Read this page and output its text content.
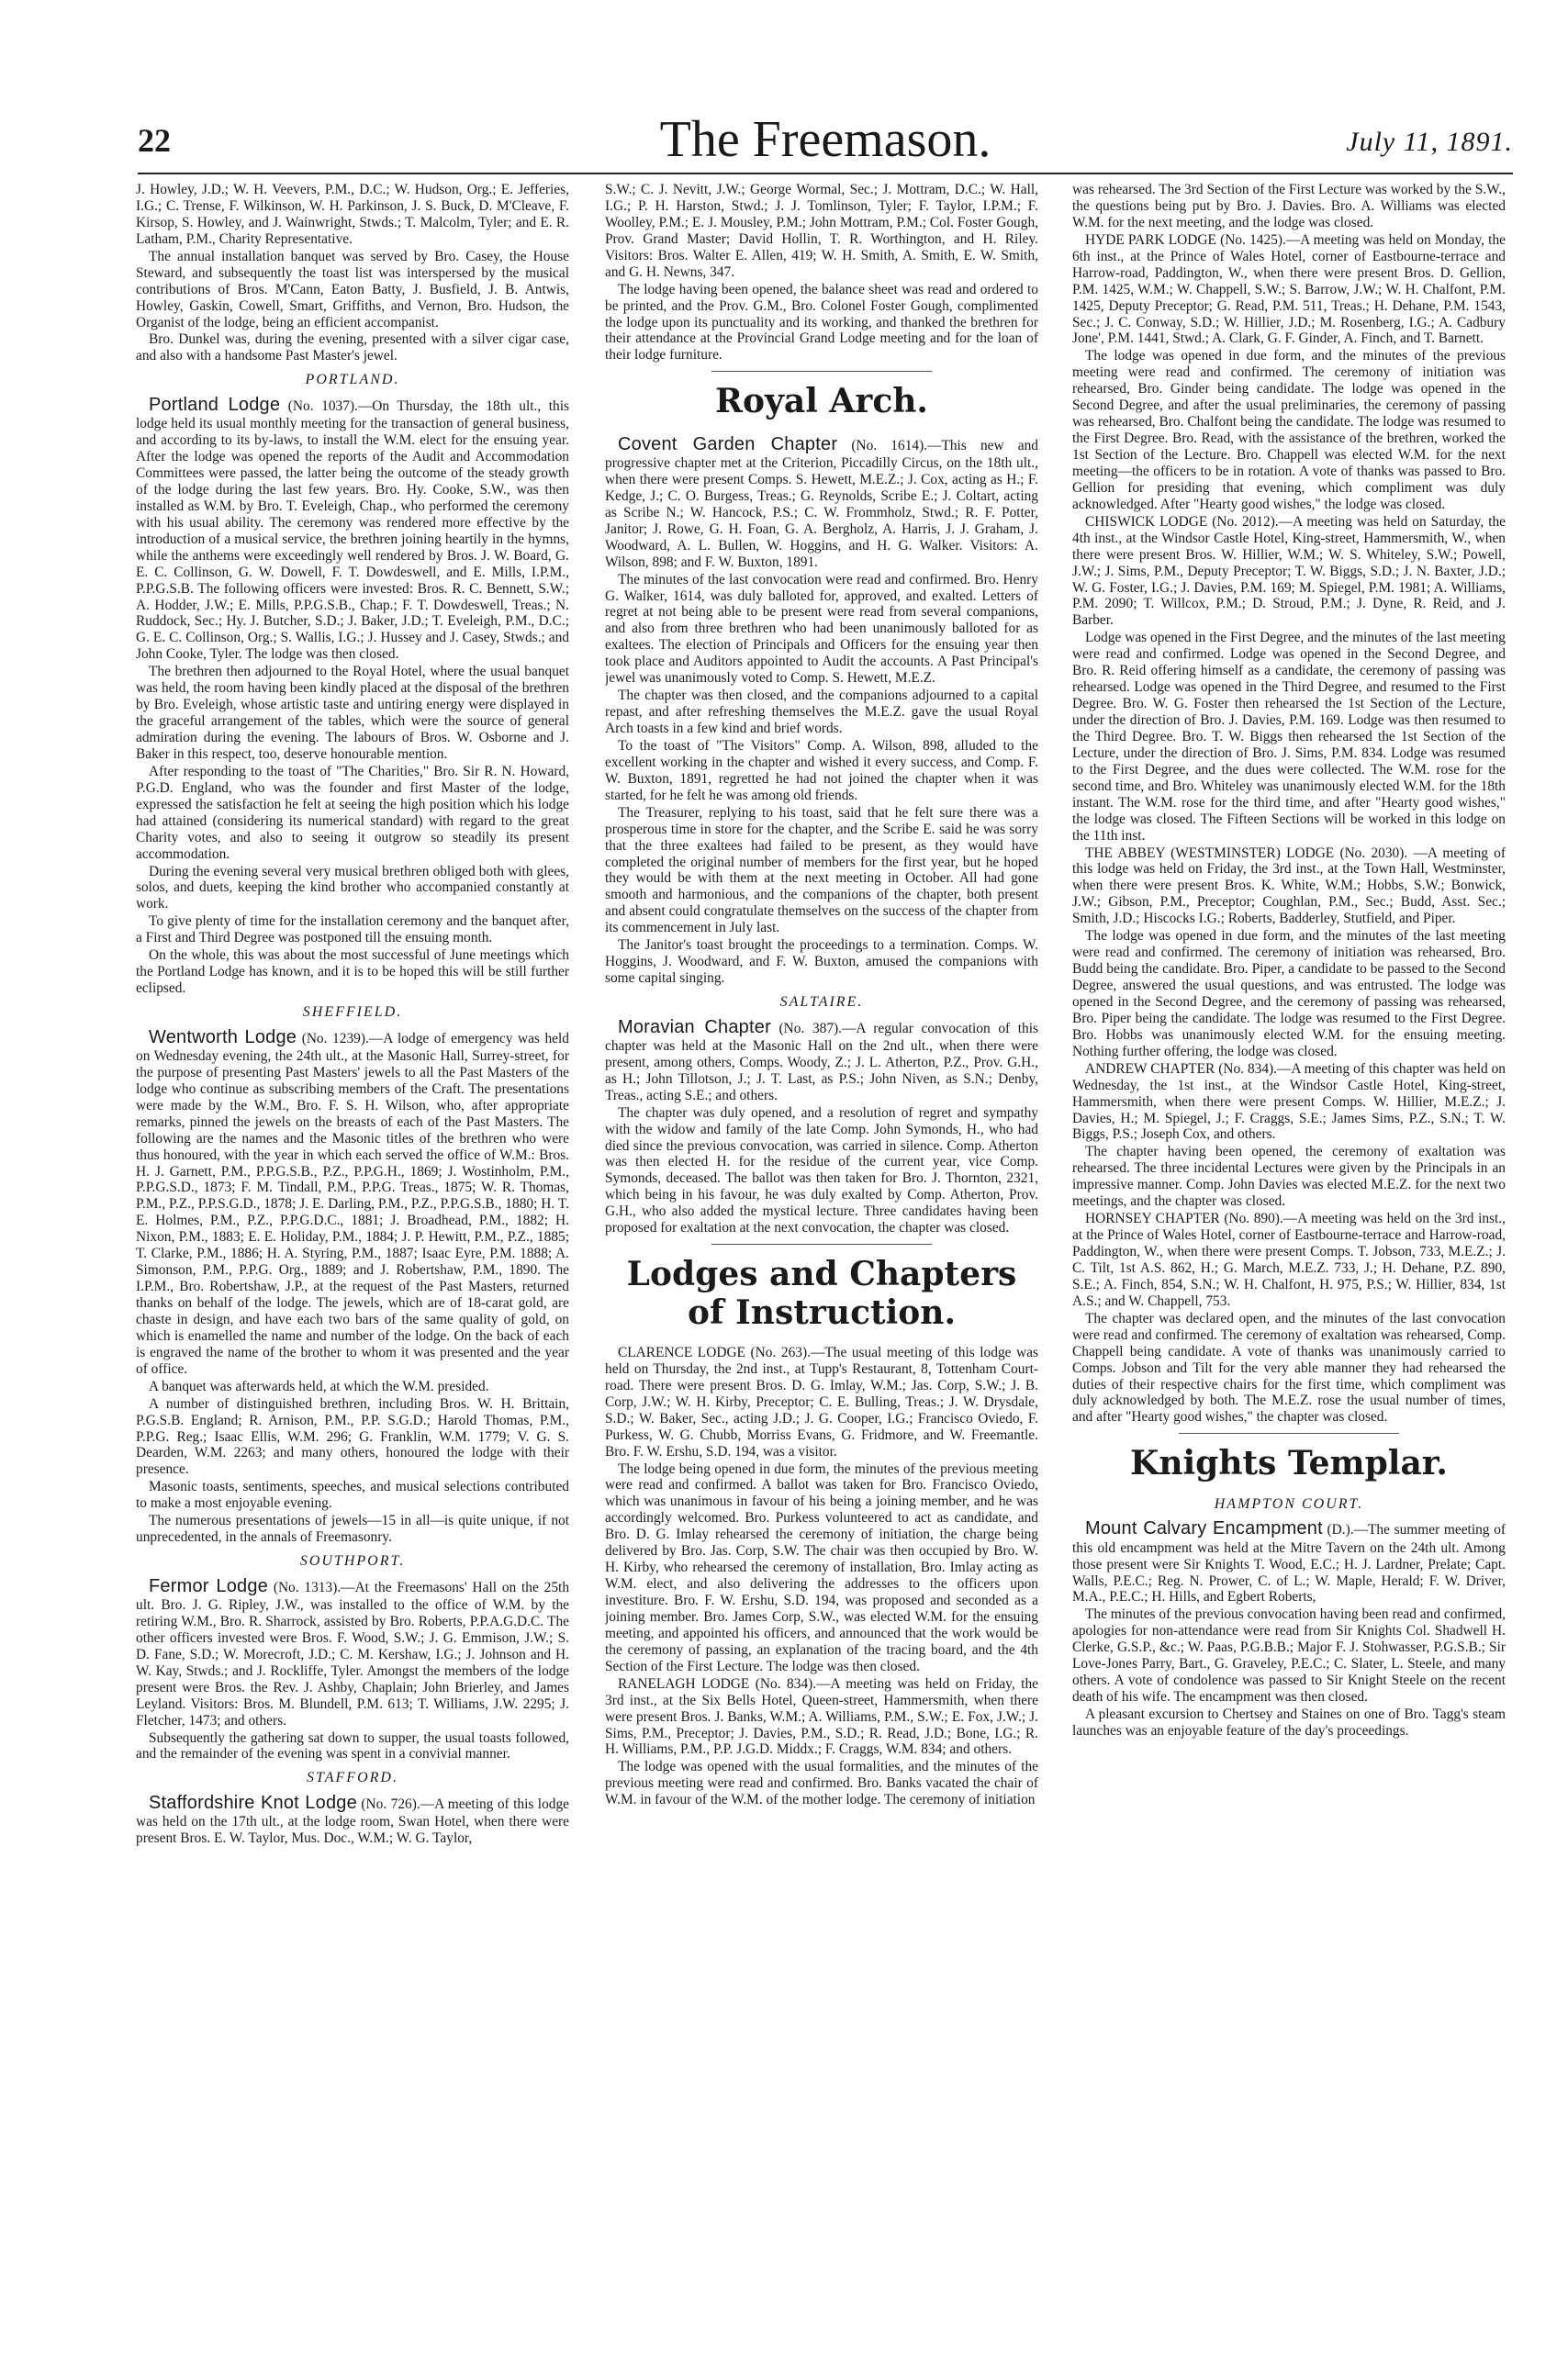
22	The Freemason.	July 11, 1891.

J. Howley, J.D.; W. H. Veevers, P.M., D.C.; W. Hudson, Org.; E. Jefferies, I.G.; C. Trense, F. Wilkinson, W. H. Parkinson, J. S. Buck, D. M'Cleave, F. Kirsop, S. Howley, and J. Wainwright, Stwds.; T. Malcolm, Tyler; and E. R. Latham, P.M., Charity Representative.

The annual installation banquet was served by Bro. Casey, the House Steward, and subsequently the toast list was interspersed by the musical contributions of Bros. M'Cann, Eaton Batty, J. Busfield, J. B. Antwis, Howley, Gaskin, Cowell, Smart, Griffiths, and Vernon, Bro. Hudson, the Organist of the lodge, being an efficient accompanist.

Bro. Dunkel was, during the evening, presented with a silver cigar case, and also with a handsome Past Master's jewel.

PORTLAND.

Portland Lodge (No. 1037).—On Thursday, the 18th ult., this lodge held its usual monthly meeting for the transaction of general business, and according to its by-laws, to install the W.M. elect for the ensuing year. After the lodge was opened the reports of the Audit and Accommodation Committees were passed, the latter being the outcome of the steady growth of the lodge during the last few years. Bro. Hy. Cooke, S.W., was then installed as W.M. by Bro. T. Eveleigh, Chap., who performed the ceremony with his usual ability. The ceremony was rendered more effective by the introduction of a musical service, the brethren joining heartily in the hymns, while the anthems were exceedingly well rendered by Bros. J. W. Board, G. E. C. Collinson, G. W. Dowell, F. T. Dowdeswell, and E. Mills, I.P.M., P.P.G.S.B. The following officers were invested: Bros. R. C. Bennett, S.W.; A. Hodder, J.W.; E. Mills, P.P.G.S.B., Chap.; F. T. Dowdeswell, Treas.; N. Ruddock, Sec.; Hy. J. Butcher, S.D.; J. Baker, J.D.; T. Eveleigh, P.M., D.C.; G. E. C. Collinson, Org.; S. Wallis, I.G.; J. Hussey and J. Casey, Stwds.; and John Cooke, Tyler. The lodge was then closed.

The brethren then adjourned to the Royal Hotel, where the usual banquet was held, the room having been kindly placed at the disposal of the brethren by Bro. Eveleigh, whose artistic taste and untiring energy were displayed in the graceful arrangement of the tables, which were the source of general admiration during the evening. The labours of Bros. W. Osborne and J. Baker in this respect, too, deserve honourable mention.

After responding to the toast of "The Charities," Bro. Sir R. N. Howard, P.G.D. England, who was the founder and first Master of the lodge, expressed the satisfaction he felt at seeing the high position which his lodge had attained (considering its numerical standard) with regard to the great Charity votes, and also to seeing it outgrow so steadily its present accommodation.

During the evening several very musical brethren obliged both with glees, solos, and duets, keeping the kind brother who accompanied constantly at work.

To give plenty of time for the installation ceremony and the banquet after, a First and Third Degree was postponed till the ensuing month.

On the whole, this was about the most successful of June meetings which the Portland Lodge has known, and it is to be hoped this will be still further eclipsed.

SHEFFIELD.

Wentworth Lodge (No. 1239).—A lodge of emergency was held on Wednesday evening, the 24th ult., at the Masonic Hall, Surrey-street, for the purpose of presenting Past Masters' jewels to all the Past Masters of the lodge who continue as subscribing members of the Craft. The presentations were made by the W.M., Bro. F. S. H. Wilson, who, after appropriate remarks, pinned the jewels on the breasts of each of the Past Masters. The following are the names and the Masonic titles of the brethren who were thus honoured, with the year in which each served the office of W.M.: Bros. H. J. Garnett, P.M., P.P.G.S.B., P.Z., P.P.G.H., 1869; J. Wostinholm, P.M., P.P.G.S.D., 1873; F. M. Tindall, P.M., P.P.G. Treas., 1875; W. R. Thomas, P.M., P.Z., P.P.S.G.D., 1878; J. E. Darling, P.M., P.Z., P.P.G.S.B., 1880; H. T. E. Holmes, P.M., P.Z., P.P.G.D.C., 1881; J. Broadhead, P.M., 1882; H. Nixon, P.M., 1883; E. E. Holiday, P.M., 1884; J. P. Hewitt, P.M., P.Z., 1885; T. Clarke, P.M., 1886; H. A. Styring, P.M., 1887; Isaac Eyre, P.M. 1888; A. Simonson, P.M., P.P.G. Org., 1889; and J. Robertshaw, P.M., 1890. The I.P.M., Bro. Robertshaw, J.P., at the request of the Past Masters, returned thanks on behalf of the lodge. The jewels, which are of 18-carat gold, are chaste in design, and have each two bars of the same quality of gold, on which is enamelled the name and number of the lodge. On the back of each is engraved the name of the brother to whom it was presented and the year of office.

A banquet was afterwards held, at which the W.M. presided.

A number of distinguished brethren, including Bros. W. H. Brittain, P.G.S.B. England; R. Arnison, P.M., P.P. S.G.D.; Harold Thomas, P.M., P.P.G. Reg.; Isaac Ellis, W.M. 296; G. Franklin, W.M. 1779; V. G. S. Dearden, W.M. 2263; and many others, honoured the lodge with their presence.

Masonic toasts, sentiments, speeches, and musical selections contributed to make a most enjoyable evening.

The numerous presentations of jewels—15 in all—is quite unique, if not unprecedented, in the annals of Freemasonry.

SOUTHPORT.

Fermor Lodge (No. 1313).—At the Freemasons' Hall on the 25th ult. Bro. J. G. Ripley, J.W., was installed to the office of W.M. by the retiring W.M., Bro. R. Sharrock, assisted by Bro. Roberts, P.P.A.G.D.C. The other officers invested were Bros. F. Wood, S.W.; J. G. Emmison, J.W.; S. D. Fane, S.D.; W. Morecroft, J.D.; C. M. Kershaw, I.G.; J. Johnson and H. W. Kay, Stwds.; and J. Rockliffe, Tyler. Amongst the members of the lodge present were Bros. the Rev. J. Ashby, Chaplain; John Brierley, and James Leyland. Visitors: Bros. M. Blundell, P.M. 613; T. Williams, J.W. 2295; J. Fletcher, 1473; and others.

Subsequently the gathering sat down to supper, the usual toasts followed, and the remainder of the evening was spent in a convivial manner.

STAFFORD.

Staffordshire Knot Lodge (No. 726).—A meeting of this lodge was held on the 17th ult., at the lodge room, Swan Hotel, when there were present Bros. E. W. Taylor, Mus. Doc., W.M.; W. G. Taylor,

S.W.; C. J. Nevitt, J.W.; George Wormal, Sec.; J. Mottram, D.C.; W. Hall, I.G.; P. H. Harston, Stwd.; J. J. Tomlinson, Tyler; F. Taylor, I.P.M.; F. Woolley, P.M.; E. J. Mousley, P.M.; John Mottram, P.M.; Col. Foster Gough, Prov. Grand Master; David Hollin, T. R. Worthington, and H. Riley. Visitors: Bros. Walter E. Allen, 419; W. H. Smith, A. Smith, E. W. Smith, and G. H. Newns, 347.

The lodge having been opened, the balance sheet was read and ordered to be printed, and the Prov. G.M., Bro. Colonel Foster Gough, complimented the lodge upon its punctuality and its working, and thanked the brethren for their attendance at the Provincial Grand Lodge meeting and for the loan of their lodge furniture.

Royal Arch.

Covent Garden Chapter (No. 1614).—This new and progressive chapter met at the Criterion, Piccadilly Circus, on the 18th ult., when there were present Comps. S. Hewett, M.E.Z.; J. Cox, acting as H.; F. Kedge, J.; C. O. Burgess, Treas.; G. Reynolds, Scribe E.; J. Coltart, acting as Scribe N.; W. Hancock, P.S.; C. W. Frommholz, Stwd.; R. F. Potter, Janitor; J. Rowe, G. H. Foan, G. A. Bergholz, A. Harris, J. J. Graham, J. Woodward, A. L. Bullen, W. Hoggins, and H. G. Walker. Visitors: A. Wilson, 898; and F. W. Buxton, 1891.

The minutes of the last convocation were read and confirmed. Bro. Henry G. Walker, 1614, was duly balloted for, approved, and exalted. Letters of regret at not being able to be present were read from several companions, and also from three brethren who had been unanimously balloted for as exaltees. The election of Principals and Officers for the ensuing year then took place and Auditors appointed to Audit the accounts. A Past Principal's jewel was unanimously voted to Comp. S. Hewett, M.E.Z.

The chapter was then closed, and the companions adjourned to a capital repast, and after refreshing themselves the M.E.Z. gave the usual Royal Arch toasts in a few kind and brief words.

To the toast of "The Visitors" Comp. A. Wilson, 898, alluded to the excellent working in the chapter and wished it every success, and Comp. F. W. Buxton, 1891, regretted he had not joined the chapter when it was started, for he felt he was among old friends.

The Treasurer, replying to his toast, said that he felt sure there was a prosperous time in store for the chapter, and the Scribe E. said he was sorry that the three exaltees had failed to be present, as they would have completed the original number of members for the first year, but he hoped they would be with them at the next meeting in October. All had gone smooth and harmonious, and the companions of the chapter, both present and absent could congratulate themselves on the success of the chapter from its commencement in July last.

The Janitor's toast brought the proceedings to a termination. Comps. W. Hoggins, J. Woodward, and F. W. Buxton, amused the companions with some capital singing.

SALTAIRE.

Moravian Chapter (No. 387).—A regular convocation of this chapter was held at the Masonic Hall on the 2nd ult., when there were present, among others, Comps. Woody, Z.; J. L. Atherton, P.Z., Prov. G.H., as H.; John Tillotson, J.; J. T. Last, as P.S.; John Niven, as S.N.; Denby, Treas., acting S.E.; and others.

The chapter was duly opened, and a resolution of regret and sympathy with the widow and family of the late Comp. John Symonds, H., who had died since the previous convocation, was carried in silence. Comp. Atherton was then elected H. for the residue of the current year, vice Comp. Symonds, deceased. The ballot was then taken for Bro. J. Thornton, 2321, which being in his favour, he was duly exalted by Comp. Atherton, Prov. G.H., who also added the mystical lecture. Three candidates having been proposed for exaltation at the next convocation, the chapter was closed.

Lodges and Chapters of Instruction.

CLARENCE LODGE (No. 263).—The usual meeting of this lodge was held on Thursday, the 2nd inst., at Tupp's Restaurant, 8, Tottenham Court-road. There were present Bros. D. G. Imlay, W.M.; Jas. Corp, S.W.; J. B. Corp, J.W.; W. H. Kirby, Preceptor; C. E. Bulling, Treas.; J. W. Drysdale, S.D.; W. Baker, Sec., acting J.D.; J. G. Cooper, I.G.; Francisco Oviedo, F. Purkess, W. G. Chubb, Morriss Evans, G. Fridmore, and W. Freemantle. Bro. F. W. Ershu, S.D. 194, was a visitor.

The lodge being opened in due form, the minutes of the previous meeting were read and confirmed. A ballot was taken for Bro. Francisco Oviedo, which was unanimous in favour of his being a joining member, and he was accordingly welcomed. Bro. Purkess volunteered to act as candidate, and Bro. D. G. Imlay rehearsed the ceremony of initiation, the charge being delivered by Bro. Jas. Corp, S.W. The chair was then occupied by Bro. W. H. Kirby, who rehearsed the ceremony of installation, Bro. Imlay acting as W.M. elect, and also delivering the addresses to the officers upon investiture. Bro. F. W. Ershu, S.D. 194, was proposed and seconded as a joining member. Bro. James Corp, S.W., was elected W.M. for the ensuing meeting, and appointed his officers, and announced that the work would be the ceremony of passing, an explanation of the tracing board, and the 4th Section of the First Lecture. The lodge was then closed.

RANELAGH LODGE (No. 834).—A meeting was held on Friday, the 3rd inst., at the Six Bells Hotel, Queen-street, Hammersmith, when there were present Bros. J. Banks, W.M.; A. Williams, P.M., S.W.; E. Fox, J.W.; J. Sims, P.M., Preceptor; J. Davies, P.M., S.D.; R. Read, J.D.; Bone, I.G.; R. H. Williams, P.M., P.P. J.G.D. Middx.; F. Craggs, W.M. 834; and others.

The lodge was opened with the usual formalities, and the minutes of the previous meeting were read and confirmed. Bro. Banks vacated the chair of W.M. in favour of the W.M. of the mother lodge. The ceremony of initiation

was rehearsed. The 3rd Section of the First Lecture was worked by the S.W., the questions being put by Bro. J. Davies. Bro. A. Williams was elected W.M. for the next meeting, and the lodge was closed.

HYDE PARK LODGE (No. 1425).—A meeting was held on Monday, the 6th inst., at the Prince of Wales Hotel, corner of Eastbourne-terrace and Harrow-road, Paddington, W., when there were present Bros. D. Gellion, P.M. 1425, W.M.; W. Chappell, S.W.; S. Barrow, J.W.; W. H. Chalfont, P.M. 1425, Deputy Preceptor; G. Read, P.M. 511, Treas.; H. Dehane, P.M. 1543, Sec.; J. C. Conway, S.D.; W. Hillier, J.D.; M. Rosenberg, I.G.; A. Cadbury Jone', P.M. 1441, Stwd.; A. Clark, G. F. Ginder, A. Finch, and T. Barnett.

The lodge was opened in due form, and the minutes of the previous meeting were read and confirmed. The ceremony of initiation was rehearsed, Bro. Ginder being candidate. The lodge was opened in the Second Degree, and after the usual preliminaries, the ceremony of passing was rehearsed, Bro. Chalfont being the candidate. The lodge was resumed to the First Degree. Bro. Read, with the assistance of the brethren, worked the 1st Section of the Lecture. Bro. Chappell was elected W.M. for the next meeting—the officers to be in rotation. A vote of thanks was passed to Bro. Gellion for presiding that evening, which compliment was duly acknowledged. After "Hearty good wishes," the lodge was closed.

CHISWICK LODGE (No. 2012).—A meeting was held on Saturday, the 4th inst., at the Windsor Castle Hotel, King-street, Hammersmith, W., when there were present Bros. W. Hillier, W.M.; W. S. Whiteley, S.W.; Powell, J.W.; J. Sims, P.M., Deputy Preceptor; T. W. Biggs, S.D.; J. N. Baxter, J.D.; W. G. Foster, I.G.; J. Davies, P.M. 169; M. Spiegel, P.M. 1981; A. Williams, P.M. 2090; T. Willcox, P.M.; D. Stroud, P.M.; J. Dyne, R. Reid, and J. Barber.

Lodge was opened in the First Degree, and the minutes of the last meeting were read and confirmed. Lodge was opened in the Second Degree, and Bro. R. Reid offering himself as a candidate, the ceremony of passing was rehearsed. Lodge was opened in the Third Degree, and resumed to the First Degree. Bro. W. G. Foster then rehearsed the 1st Section of the Lecture, under the direction of Bro. J. Davies, P.M. 169. Lodge was then resumed to the Third Degree. Bro. T. W. Biggs then rehearsed the 1st Section of the Lecture, under the direction of Bro. J. Sims, P.M. 834. Lodge was resumed to the First Degree, and the dues were collected. The W.M. rose for the second time, and Bro. Whiteley was unanimously elected W.M. for the 18th instant. The W.M. rose for the third time, and after "Hearty good wishes," the lodge was closed. The Fifteen Sections will be worked in this lodge on the 11th inst.

THE ABBEY (WESTMINSTER) LODGE (No. 2030). —A meeting of this lodge was held on Friday, the 3rd inst., at the Town Hall, Westminster, when there were present Bros. K. White, W.M.; Hobbs, S.W.; Bonwick, J.W.; Gibson, P.M., Preceptor; Coughlan, P.M., Sec.; Budd, Asst. Sec.; Smith, J.D.; Hiscocks I.G.; Roberts, Badderley, Stutfield, and Piper.

The lodge was opened in due form, and the minutes of the last meeting were read and confirmed. The ceremony of initiation was rehearsed, Bro. Budd being the candidate. Bro. Piper, a candidate to be passed to the Second Degree, answered the usual questions, and was entrusted. The lodge was opened in the Second Degree, and the ceremony of passing was rehearsed, Bro. Piper being the candidate. The lodge was resumed to the First Degree. Bro. Hobbs was unanimously elected W.M. for the ensuing meeting. Nothing further offering, the lodge was closed.

ANDREW CHAPTER (No. 834).—A meeting of this chapter was held on Wednesday, the 1st inst., at the Windsor Castle Hotel, King-street, Hammersmith, when there were present Comps. W. Hillier, M.E.Z.; J. Davies, H.; M. Spiegel, J.; F. Craggs, S.E.; James Sims, P.Z., S.N.; T. W. Biggs, P.S.; Joseph Cox, and others.

The chapter having been opened, the ceremony of exaltation was rehearsed. The three incidental Lectures were given by the Principals in an impressive manner. Comp. John Davies was elected M.E.Z. for the next two meetings, and the chapter was closed.

HORNSEY CHAPTER (No. 890).—A meeting was held on the 3rd inst., at the Prince of Wales Hotel, corner of Eastbourne-terrace and Harrow-road, Paddington, W., when there were present Comps. T. Jobson, 733, M.E.Z.; J. C. Tilt, 1st A.S. 862, H.; G. March, M.E.Z. 733, J.; H. Dehane, P.Z. 890, S.E.; A. Finch, 854, S.N.; W. H. Chalfont, H. 975, P.S.; W. Hillier, 834, 1st A.S.; and W. Chappell, 753.

The chapter was declared open, and the minutes of the last convocation were read and confirmed. The ceremony of exaltation was rehearsed, Comp. Chappell being candidate. A vote of thanks was unanimously carried to Comps. Jobson and Tilt for the very able manner they had rehearsed the duties of their respective chairs for the first time, which compliment was duly acknowledged by both. The M.E.Z. rose the usual number of times, and after "Hearty good wishes," the chapter was closed.

Knights Templar.
HAMPTON COURT.

Mount Calvary Encampment (D.).—The summer meeting of this old encampment was held at the Mitre Tavern on the 24th ult. Among those present were Sir Knights T. Wood, E.C.; H. J. Lardner, Prelate; Capt. Walls, P.E.C.; Reg. N. Prower, C. of L.; W. Maple, Herald; F. W. Driver, M.A., P.E.C.; H. Hills, and Egbert Roberts,

The minutes of the previous convocation having been read and confirmed, apologies for non-attendance were read from Sir Knights Col. Shadwell H. Clerke, G.S.P., &c.; W. Paas, P.G.B.B.; Major F. J. Stohwasser, P.G.S.B.; Sir Love-Jones Parry, Bart., G. Graveley, P.E.C.; C. Slater, L. Steele, and many others. A vote of condolence was passed to Sir Knight Steele on the recent death of his wife. The encampment was then closed.

A pleasant excursion to Chertsey and Staines on one of Bro. Tagg's steam launches was an enjoyable feature of the day's proceedings.
